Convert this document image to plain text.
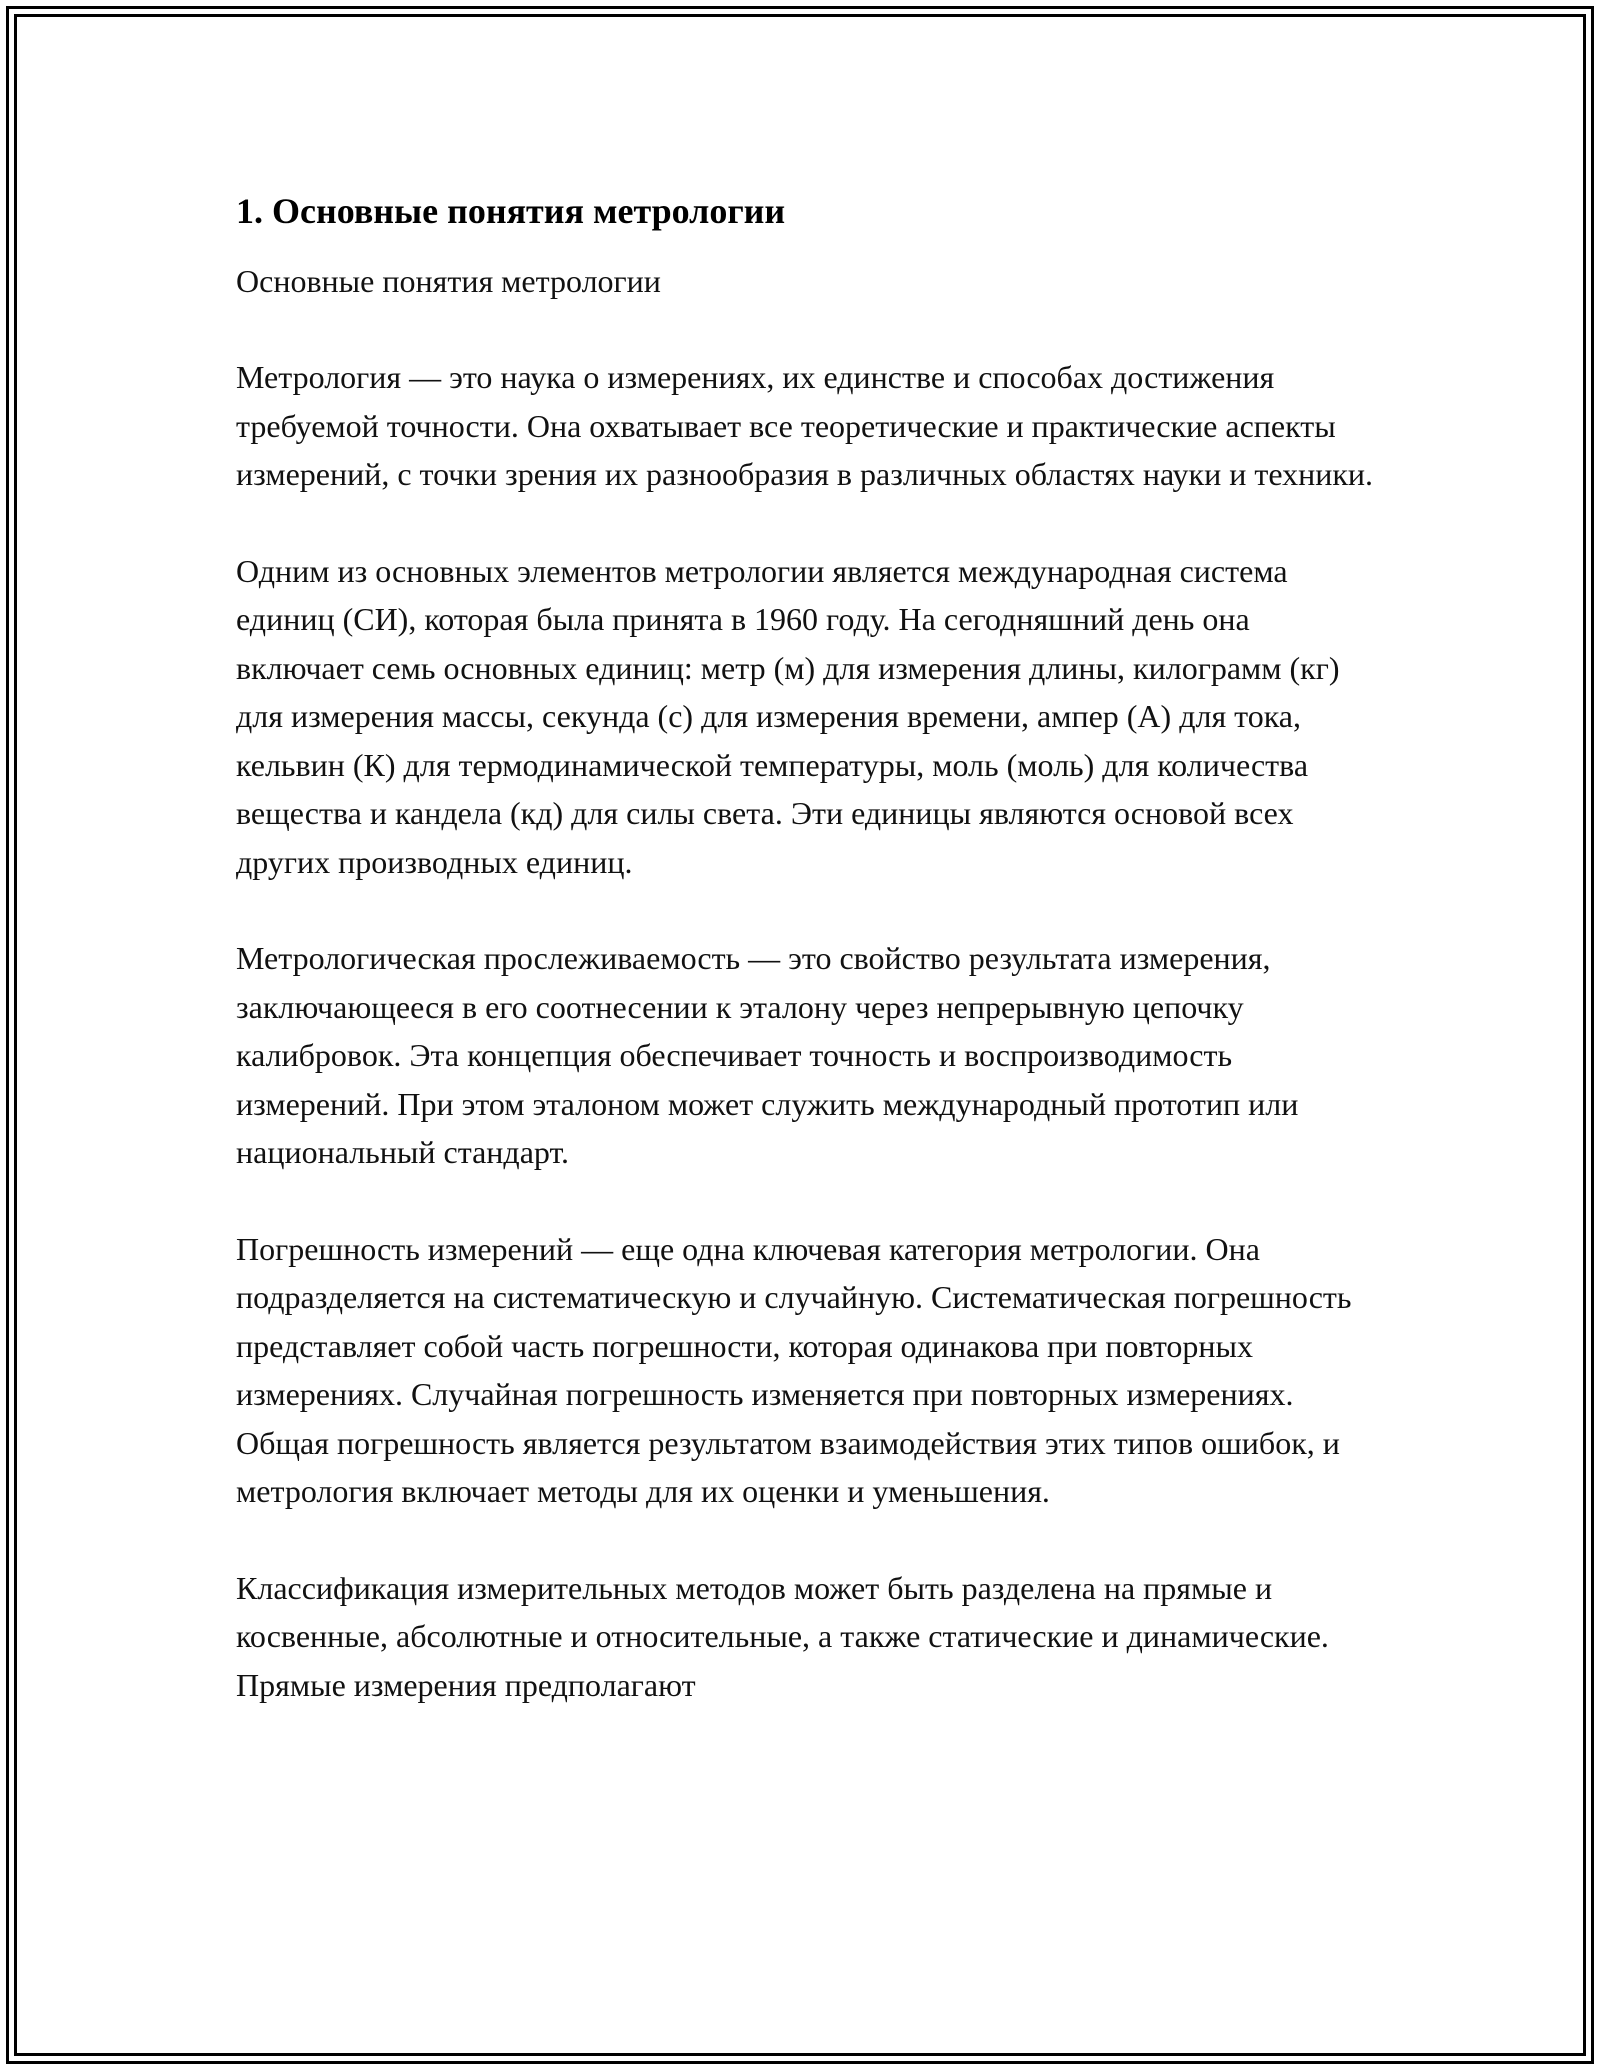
1. Основные понятия метрологии

Основные понятия метрологии

Метрология — это наука о измерениях, их единстве и способах достижения требуемой точности. Она охватывает все теоретические и практические аспекты измерений, с точки зрения их разнообразия в различных областях науки и техники.

Одним из основных элементов метрологии является международная система единиц (СИ), которая была принята в 1960 году. На сегодняшний день она включает семь основных единиц: метр (м) для измерения длины, килограмм (кг) для измерения массы, секунда (с) для измерения времени, ампер (А) для тока, кельвин (К) для термодинамической температуры, моль (моль) для количества вещества и кандела (кд) для силы света. Эти единицы являются основой всех других производных единиц.

Метрологическая прослеживаемость — это свойство результата измерения, заключающееся в его соотнесении к эталону через непрерывную цепочку калибровок. Эта концепция обеспечивает точность и воспроизводимость измерений. При этом эталоном может служить международный прототип или национальный стандарт.

Погрешность измерений — еще одна ключевая категория метрологии. Она подразделяется на систематическую и случайную. Систематическая погрешность представляет собой часть погрешности, которая одинакова при повторных измерениях. Случайная погрешность изменяется при повторных измерениях. Общая погрешность является результатом взаимодействия этих типов ошибок, и метрология включает методы для их оценки и уменьшения.

Классификация измерительных методов может быть разделена на прямые и косвенные, абсолютные и относительные, а также статические и динамические. Прямые измерения предполагают
